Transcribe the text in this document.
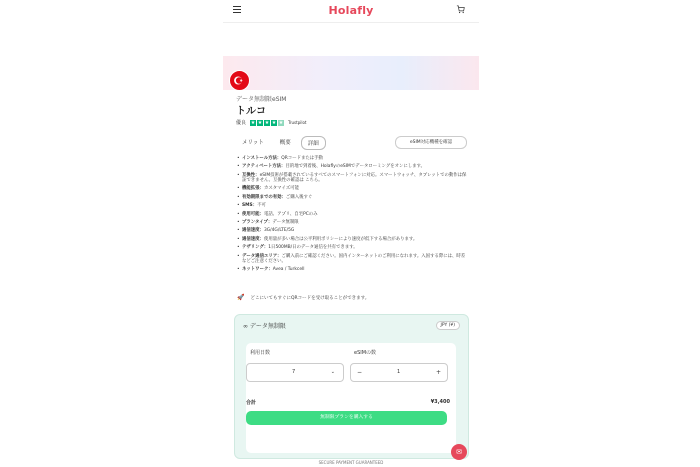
Holafly
データ無制限eSIM
トルコ
優良 ★ ★ ★ ★ ★ Trustpilot
メリット	概要	詳細	eSIM対応機種を確認
• インストール方法：QRコードまたは手動
• アクティベート方法：目的地で到着後、HolaflyのeSIMでデータローミングをオンにします。
• 互換性：eSIM技術が搭載されているすべてのスマートフォンに対応。スマートウォッチ、タブレットでの動作は保証できません。互換性の確認は こちら。
• 機能拡張：カスタマイズ可能
• 有効期限までの有効：ご購入後すぐ
• SMS：不可
• 使用可能：電話、アプリ、自宅PCのみ
• プランタイプ：データ無制限
• 通信速度：3G/4G/LTE/5G
• 通信速度：使用量が多い場合は公平利用ポリシーにより速度が低下する場合があります。
• テザリング：1日500MB/日のデータ通信を共有できます。
• データ通信エリア：ご購入前にご確認ください。国内インターネットのご利用になれます。入国する際には、時差などご注意ください。
• ネットワーク：Avea / Turkcell
🚀 どこにいてもすぐにQRコードを受け取ることができます。
∞ データ無制限	JPY (¥)
利用日数	eSIMの数
7	⌄	−	1	+
合計	¥3,400
無制限プランを購入する
✉
SECURE PAYMENT GUARANTEED
